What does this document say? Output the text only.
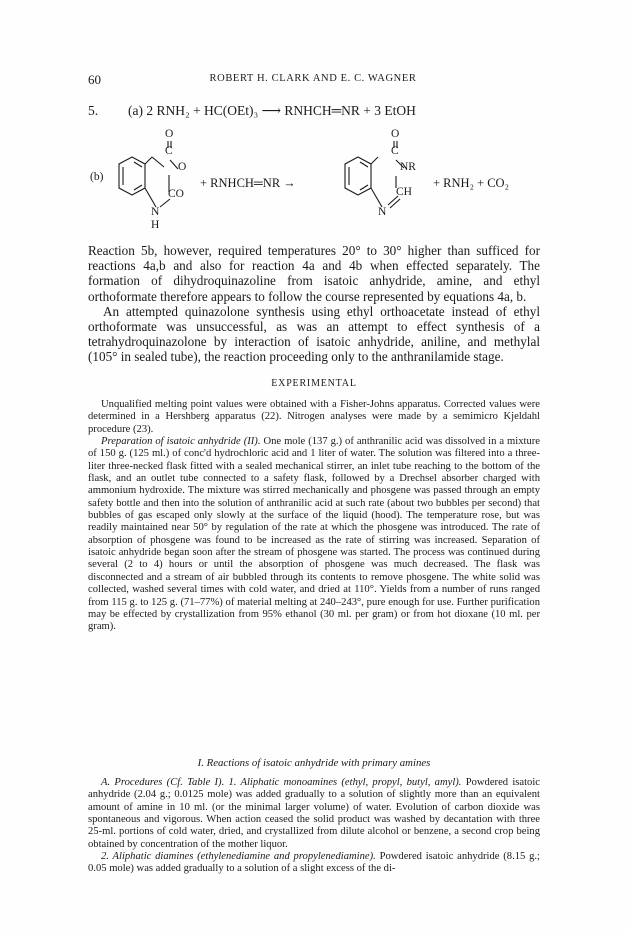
60	ROBERT H. CLARK AND E. C. WAGNER
5. (a) 2 RNH₂ + HC(OEt)₃ ⟶ RNHCH═NR + 3 EtOH
(b)
O
C
O
CO
N
H
+ RNHCH═NR →
O
C
NR
CH
N
+ RNH₂ + CO₂

Reaction 5b, however, required temperatures 20° to 30° higher than sufficed for reactions 4a,b and also for reaction 4a and 4b when effected separately. The formation of dihydroquinazoline from isatoic anhydride, amine, and ethyl orthoformate therefore appears to follow the course represented by equations 4a, b.

An attempted quinazolone synthesis using ethyl orthoacetate instead of ethyl orthoformate was unsuccessful, as was an attempt to effect synthesis of a tetrahydroquinazolone by interaction of isatoic anhydride, aniline, and methylal (105° in sealed tube), the reaction proceeding only to the anthranilamide stage.

EXPERIMENTAL

Unqualified melting point values were obtained with a Fisher-Johns apparatus. Corrected values were determined in a Hershberg apparatus (22). Nitrogen analyses were made by a semimicro Kjeldahl procedure (23).

Preparation of isatoic anhydride (II). One mole (137 g.) of anthranilic acid was dissolved in a mixture of 150 g. (125 ml.) of conc'd hydrochloric acid and 1 liter of water. The solution was filtered into a three-liter three-necked flask fitted with a sealed mechanical stirrer, an inlet tube reaching to the bottom of the flask, and an outlet tube connected to a safety flask, followed by a Drechsel absorber charged with ammonium hydroxide. The mixture was stirred mechanically and phosgene was passed through an empty safety bottle and then into the solution of anthranilic acid at such rate (about two bubbles per second) that bubbles of gas escaped only slowly at the surface of the liquid (hood). The temperature rose, but was readily maintained near 50° by regulation of the rate at which the phosgene was introduced. The rate of absorption of phosgene was found to be increased as the rate of stirring was increased. Separation of isatoic anhydride began soon after the stream of phosgene was started. The process was continued during several (2 to 4) hours or until the absorption of phosgene was much decreased. The flask was disconnected and a stream of air bubbled through its contents to remove phosgene. The white solid was collected, washed several times with cold water, and dried at 110°. Yields from a number of runs ranged from 115 g. to 125 g. (71–77%) of material melting at 240–243°, pure enough for use. Further purification may be effected by crystallization from 95% ethanol (30 ml. per gram) or from hot dioxane (10 ml. per gram).

I. Reactions of isatoic anhydride with primary amines

A. Procedures (Cf. Table I). 1. Aliphatic monoamines (ethyl, propyl, butyl, amyl). Powdered isatoic anhydride (2.04 g.; 0.0125 mole) was added gradually to a solution of slightly more than an equivalent amount of amine in 10 ml. (or the minimal larger volume) of water. Evolution of carbon dioxide was spontaneous and vigorous. When action ceased the solid product was washed by decantation with three 25-ml. portions of cold water, dried, and crystallized from dilute alcohol or benzene, a second crop being obtained by concentration of the mother liquor.

2. Aliphatic diamines (ethylenediamine and propylenediamine). Powdered isatoic anhydride (8.15 g.; 0.05 mole) was added gradually to a solution of a slight excess of the di-
